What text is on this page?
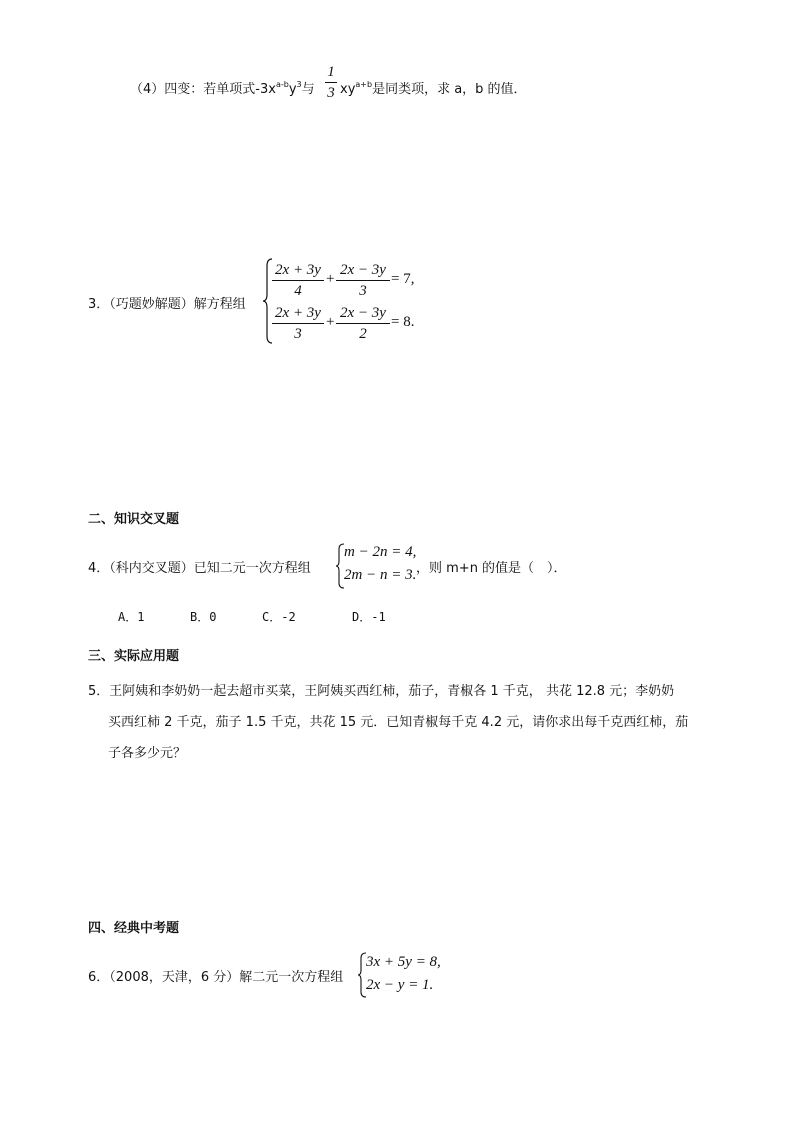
（4）四变：若单项式$-3x^{a-b}y^3$与
1
3 $xy^{a+b}$是同类项，求 a，b 的值．
3．（巧题妙解题）解方程组
2x + 3y
4
+
2x − 3y
3
= 7,
2x + 3y
3
+
2x − 3y
2
= 8.
二、知识交叉题
4．（科内交叉题）已知二元一次方程组
m − 2n = 4,
2m − n = 3. ，则 m+n 的值是（　）．
A．1	B．0	C．-2	D．-1
三、实际应用题
5．王阿姨和李奶奶一起去超市买菜，王阿姨买西红柿，茄子，青椒各 1 千克， 共花 12.8 元；李奶奶
买西红柿 2 千克，茄子 1.5 千克，共花 15 元．已知青椒每千克 4.2 元，请你求出每千克西红柿，茄
子各多少元？
四、经典中考题
6．（2008，天津，6 分）解二元一次方程组
3x + 5y = 8,
2x − y = 1.
